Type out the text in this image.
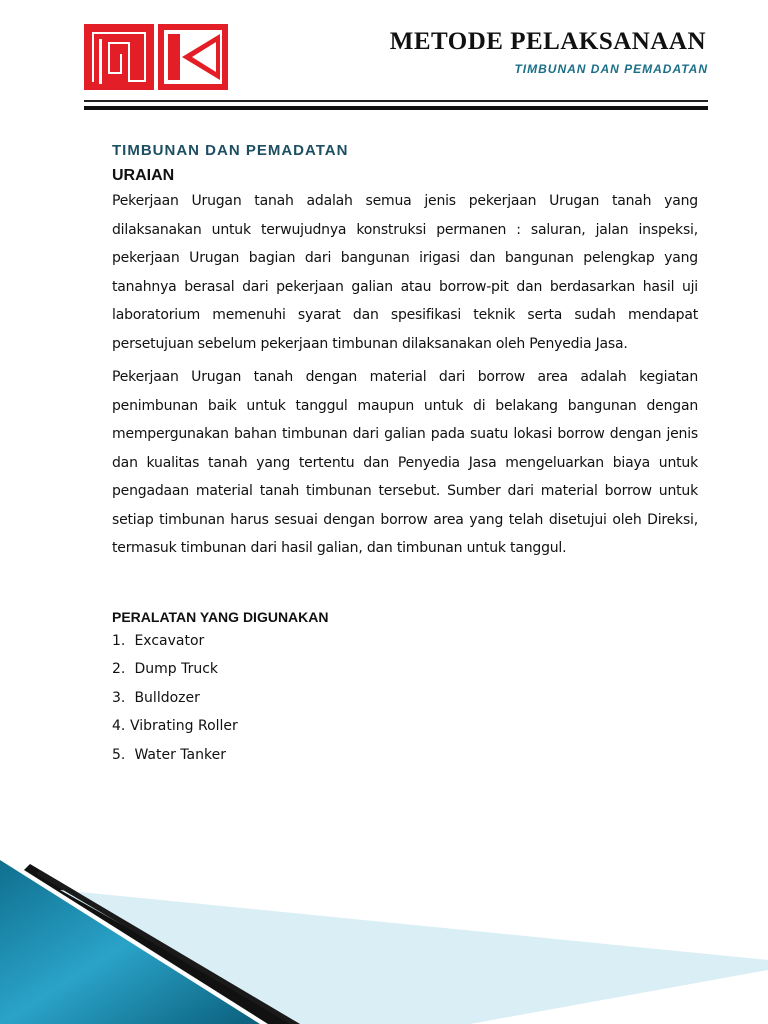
METODE PELAKSANAAN
TIMBUNAN DAN PEMADATAN
TIMBUNAN DAN PEMADATAN
URAIAN

Pekerjaan Urugan tanah adalah semua jenis pekerjaan Urugan tanah yang dilaksanakan untuk terwujudnya konstruksi permanen : saluran, jalan inspeksi, pekerjaan Urugan bagian dari bangunan irigasi dan bangunan pelengkap yang tanahnya berasal dari pekerjaan galian atau borrow-pit dan berdasarkan hasil uji laboratorium memenuhi syarat dan spesifikasi teknik serta sudah mendapat persetujuan sebelum pekerjaan timbunan dilaksanakan oleh Penyedia Jasa.

Pekerjaan Urugan tanah dengan material dari borrow area adalah kegiatan penimbunan baik untuk tanggul maupun untuk di belakang bangunan dengan mempergunakan bahan timbunan dari galian pada suatu lokasi borrow dengan jenis dan kualitas tanah yang tertentu dan Penyedia Jasa mengeluarkan biaya untuk pengadaan material tanah timbunan tersebut. Sumber dari material borrow untuk setiap timbunan harus sesuai dengan borrow area yang telah disetujui oleh Direksi, termasuk timbunan dari hasil galian, dan timbunan untuk tanggul.

PERALATAN YANG DIGUNAKAN
1. Excavator
2. Dump Truck
3. Bulldozer
4. Vibrating Roller
5. Water Tanker
